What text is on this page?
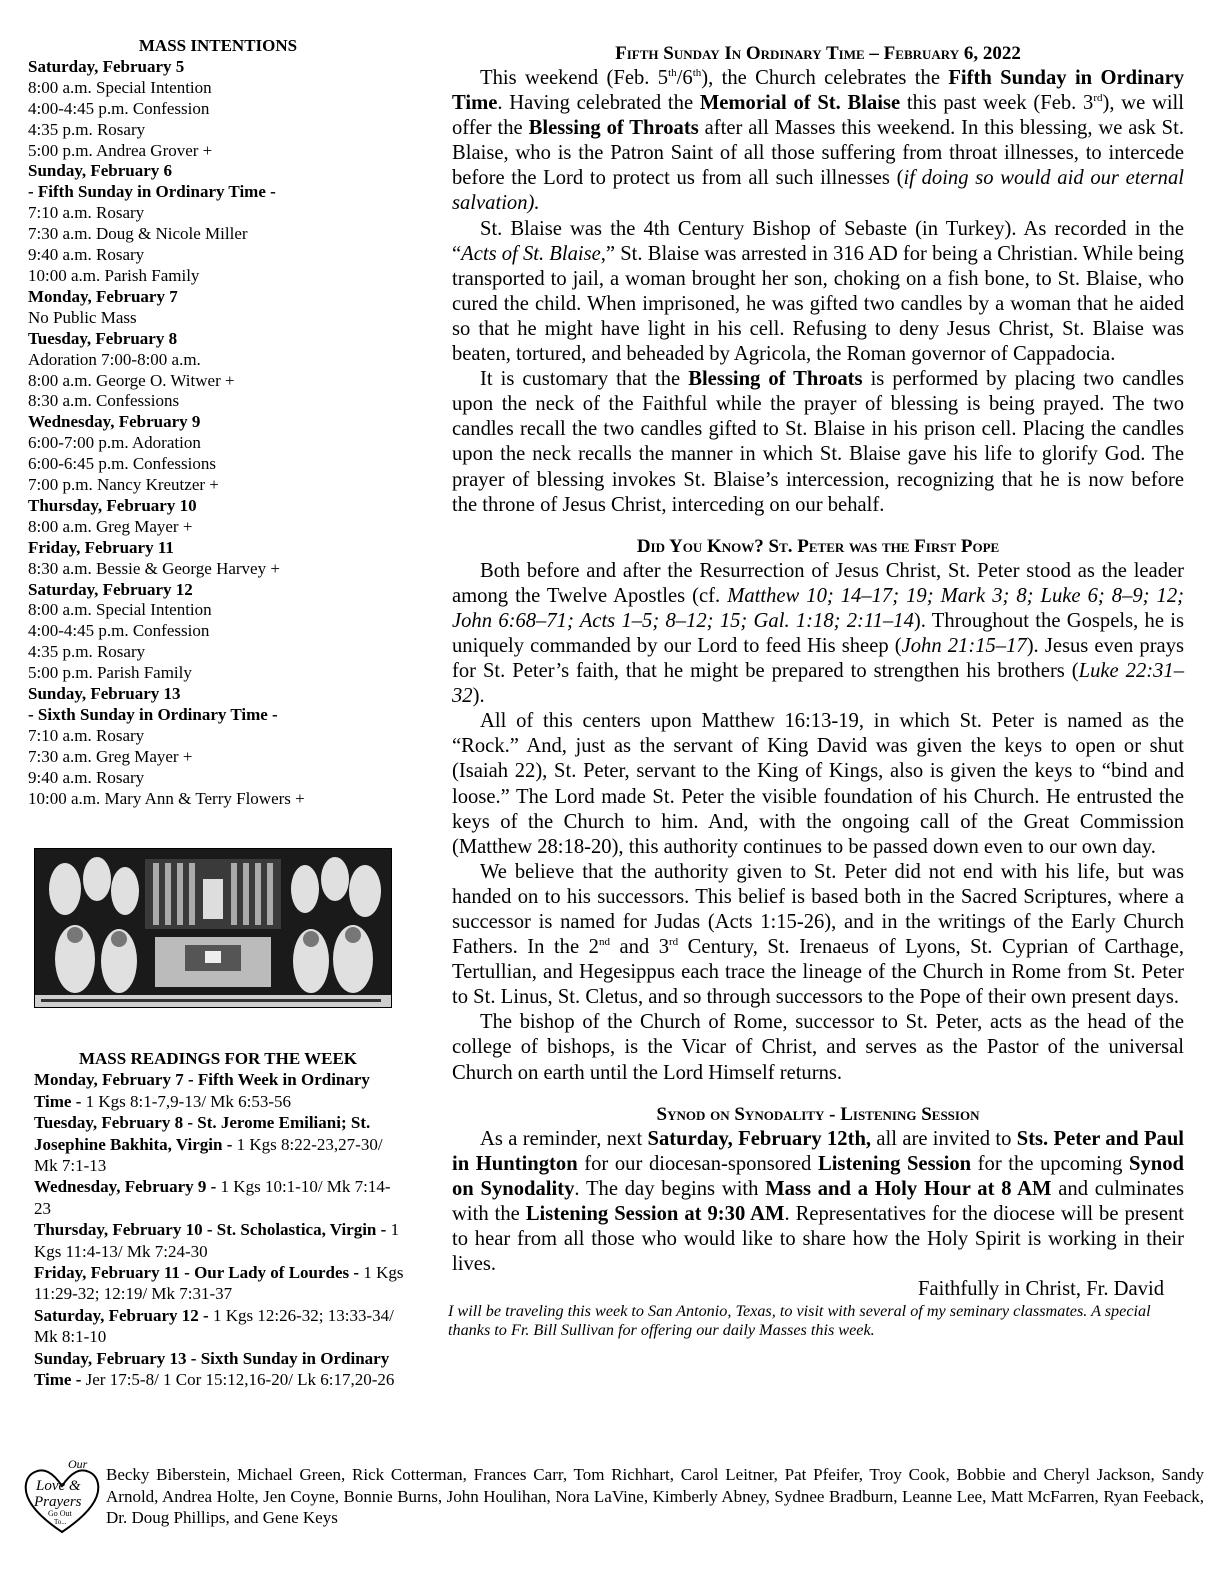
MASS INTENTIONS
Saturday, February 5
8:00 a.m. Special Intention
4:00-4:45 p.m. Confession
4:35 p.m. Rosary
5:00 p.m. Andrea Grover +
Sunday, February 6
- Fifth Sunday in Ordinary Time -
7:10 a.m. Rosary
7:30 a.m. Doug & Nicole Miller
9:40 a.m. Rosary
10:00 a.m. Parish Family
Monday, February 7
No Public Mass
Tuesday, February 8
Adoration 7:00-8:00 a.m.
8:00 a.m. George O. Witwer +
8:30 a.m. Confessions
Wednesday, February 9
6:00-7:00 p.m. Adoration
6:00-6:45 p.m. Confessions
7:00 p.m. Nancy Kreutzer +
Thursday, February 10
8:00 a.m. Greg Mayer +
Friday, February 11
8:30 a.m. Bessie & George Harvey +
Saturday, February 12
8:00 a.m. Special Intention
4:00-4:45 p.m. Confession
4:35 p.m. Rosary
5:00 p.m. Parish Family
Sunday, February 13
- Sixth Sunday in Ordinary Time -
7:10 a.m. Rosary
7:30 a.m. Greg Mayer +
9:40 a.m. Rosary
10:00 a.m. Mary Ann & Terry Flowers +
MASS READINGS FOR THE WEEK
Monday, February 7 - Fifth Week in Ordinary Time - 1 Kgs 8:1-7,9-13/ Mk 6:53-56
Tuesday, February 8 - St. Jerome Emiliani; St. Josephine Bakhita, Virgin - 1 Kgs 8:22-23,27-30/ Mk 7:1-13
Wednesday, February 9 - 1 Kgs 10:1-10/ Mk 7:14-23
Thursday, February 10 - St. Scholastica, Virgin - 1 Kgs 11:4-13/ Mk 7:24-30
Friday, February 11 - Our Lady of Lourdes - 1 Kgs 11:29-32; 12:19/ Mk 7:31-37
Saturday, February 12 - 1 Kgs 12:26-32; 13:33-34/ Mk 8:1-10
Sunday, February 13 - Sixth Sunday in Ordinary Time - Jer 17:5-8/ 1 Cor 15:12,16-20/ Lk 6:17,20-26
Fifth Sunday In Ordinary Time – February 6, 2022

This weekend (Feb. 5th/6th), the Church celebrates the Fifth Sunday in Ordinary Time. Having celebrated the Memorial of St. Blaise this past week (Feb. 3rd), we will offer the Blessing of Throats after all Masses this weekend. In this blessing, we ask St. Blaise, who is the Patron Saint of all those suffering from throat illnesses, to intercede before the Lord to protect us from all such illnesses (if doing so would aid our eternal salvation).

St. Blaise was the 4th Century Bishop of Sebaste (in Turkey). As recorded in the “Acts of St. Blaise,” St. Blaise was arrested in 316 AD for being a Christian. While being transported to jail, a woman brought her son, choking on a fish bone, to St. Blaise, who cured the child. When imprisoned, he was gifted two candles by a woman that he aided so that he might have light in his cell. Refusing to deny Jesus Christ, St. Blaise was beaten, tortured, and beheaded by Agricola, the Roman governor of Cappadocia.

It is customary that the Blessing of Throats is performed by placing two candles upon the neck of the Faithful while the prayer of blessing is being prayed. The two candles recall the two candles gifted to St. Blaise in his prison cell. Placing the candles upon the neck recalls the manner in which St. Blaise gave his life to glorify God. The prayer of blessing invokes St. Blaise’s intercession, recognizing that he is now before the throne of Jesus Christ, interceding on our behalf.

Did You Know? St. Peter was the First Pope

Both before and after the Resurrection of Jesus Christ, St. Peter stood as the leader among the Twelve Apostles (cf. Matthew 10; 14–17; 19; Mark 3; 8; Luke 6; 8–9; 12; John 6:68–71; Acts 1–5; 8–12; 15; Gal. 1:18; 2:11–14). Throughout the Gospels, he is uniquely commanded by our Lord to feed His sheep (John 21:15–17). Jesus even prays for St. Peter’s faith, that he might be prepared to strengthen his brothers (Luke 22:31–32).

All of this centers upon Matthew 16:13-19, in which St. Peter is named as the “Rock.” And, just as the servant of King David was given the keys to open or shut (Isaiah 22), St. Peter, servant to the King of Kings, also is given the keys to “bind and loose.” The Lord made St. Peter the visible foundation of his Church. He entrusted the keys of the Church to him. And, with the ongoing call of the Great Commission (Matthew 28:18-20), this authority continues to be passed down even to our own day.

We believe that the authority given to St. Peter did not end with his life, but was handed on to his successors. This belief is based both in the Sacred Scriptures, where a successor is named for Judas (Acts 1:15-26), and in the writings of the Early Church Fathers. In the 2nd and 3rd Century, St. Irenaeus of Lyons, St. Cyprian of Carthage, Tertullian, and Hegesippus each trace the lineage of the Church in Rome from St. Peter to St. Linus, St. Cletus, and so through successors to the Pope of their own present days.

The bishop of the Church of Rome, successor to St. Peter, acts as the head of the college of bishops, is the Vicar of Christ, and serves as the Pastor of the universal Church on earth until the Lord Himself returns.

Synod on Synodality - Listening Session

As a reminder, next Saturday, February 12th, all are invited to Sts. Peter and Paul in Huntington for our diocesan-sponsored Listening Session for the upcoming Synod on Synodality. The day begins with Mass and a Holy Hour at 8 AM and culminates with the Listening Session at 9:30 AM. Representatives for the diocese will be present to hear from all those who would like to share how the Holy Spirit is working in their lives.

Faithfully in Christ, Fr. David

I will be traveling this week to San Antonio, Texas, to visit with several of my seminary classmates. A special thanks to Fr. Bill Sullivan for offering our daily Masses this week.

Our
Love &
Prayers
Go Out
To...
Becky Biberstein, Michael Green, Rick Cotterman, Frances Carr, Tom Richhart, Carol Leitner, Pat Pfeifer, Troy Cook, Bobbie and Cheryl Jackson, Sandy Arnold, Andrea Holte, Jen Coyne, Bonnie Burns, John Houlihan, Nora LaVine, Kimberly Abney, Sydnee Bradburn, Leanne Lee, Matt McFarren, Ryan Feeback, Dr. Doug Phillips, and Gene Keys
